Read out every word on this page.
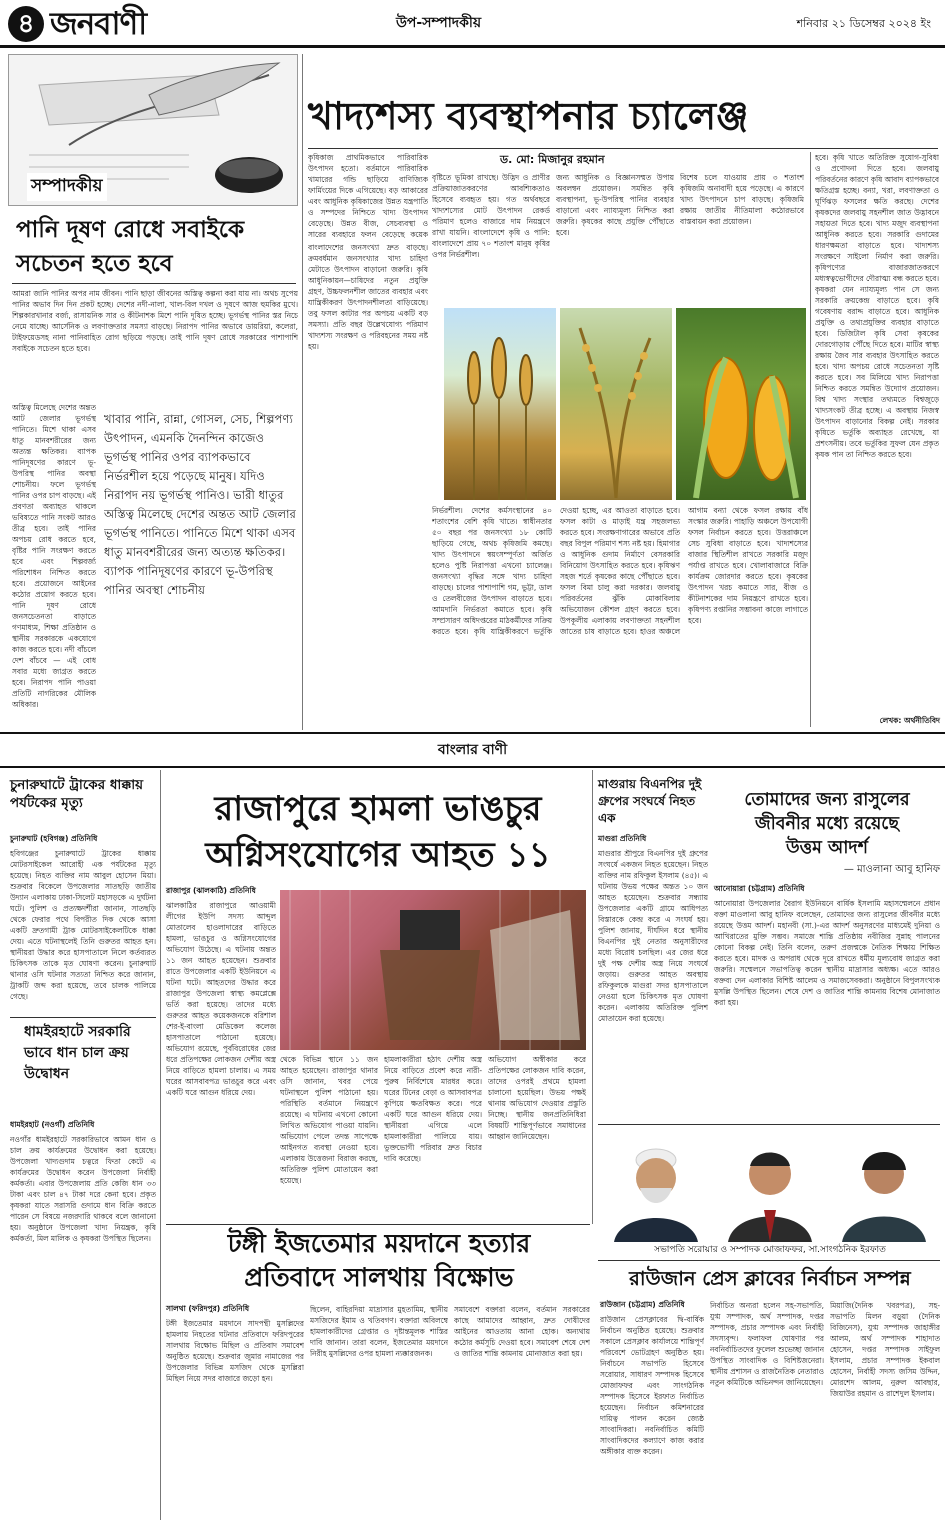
৪ জনবাণী	উপ-সম্পাদকীয়	শনিবার ২১ ডিসেম্বর ২০২৪ ইং
সম্পাদকীয়
পানি দূষণ রোধে সবাইকে
সচেতন হতে হবে
আমরা জানি পানির অপর নাম জীবন। পানি ছাড়া জীবনের অস্তিত্ব কল্পনা করা যায় না। অথচ সুপেয় পানির অভাব দিন দিন প্রকট হচ্ছে। দেশের নদী-নালা, খাল-বিল দখল ও দূষণে আজ হুমকির মুখে। শিল্পকারখানার বর্জ্য, রাসায়নিক সার ও কীটনাশক মিশে পানি দূষিত হচ্ছে। ভূগর্ভস্থ পানির স্তর নিচে নেমে যাচ্ছে। আর্সেনিক ও লবণাক্ততার সমস্যা বাড়ছে। নিরাপদ পানির অভাবে ডায়রিয়া, কলেরা, টাইফয়েডসহ নানা পানিবাহিত রোগ ছড়িয়ে পড়ছে। তাই পানি দূষণ রোধে সরকারের পাশাপাশি সবাইকে সচেতন হতে হবে।
অস্তিত্ব মিলেছে দেশের অন্তত আট জেলার ভূগর্ভস্থ পানিতে। মিশে থাকা এসব ধাতু মানবশরীরের জন্য অত্যন্ত ক্ষতিকর। ব্যাপক পানিদূষণের কারণে ভূ-উপরিস্থ পানির অবস্থা শোচনীয়। ফলে ভূগর্ভস্থ পানির ওপর চাপ বাড়ছে। এই প্রবণতা অব্যাহত থাকলে ভবিষ্যতে পানি সংকট আরও তীব্র হবে। তাই পানির অপচয় রোধ করতে হবে, বৃষ্টির পানি সংরক্ষণ করতে হবে এবং শিল্পবর্জ্য পরিশোধন নিশ্চিত করতে হবে। প্রয়োজনে আইনের কঠোর প্রয়োগ করতে হবে। পানি দূষণ রোধে জনসচেতনতা বাড়াতে গণমাধ্যম, শিক্ষা প্রতিষ্ঠান ও স্থানীয় সরকারকে একযোগে কাজ করতে হবে। নদী বাঁচলে দেশ বাঁচবে — এই বোধ সবার মধ্যে জাগ্রত করতে হবে। নিরাপদ পানি পাওয়া প্রতিটি নাগরিকের মৌলিক অধিকার।
খাবার পানি, রান্না, গোসল, সেচ, শিল্পপণ্য উৎপাদন, এমনকি দৈনন্দিন কাজেও ভূগর্ভস্থ পানির ওপর ব্যাপকভাবে নির্ভরশীল হয়ে পড়েছে মানুষ। যদিও নিরাপদ নয় ভূগর্ভস্থ পানিও। ভারী ধাতুর অস্তিত্ব মিলেছে দেশের অন্তত আট জেলার ভূগর্ভস্থ পানিতে। পানিতে মিশে থাকা এসব ধাতু মানবশরীরের জন্য অত্যন্ত ক্ষতিকর। ব্যাপক পানিদূষণের কারণে ভূ-উপরিস্থ পানির অবস্থা শোচনীয়
খাদ্যশস্য ব্যবস্থাপনার চ্যালেঞ্জ
কৃষিকাজ প্রাথমিকভাবে পারিবারিক উৎপাদন হতো। বর্তমানে পারিবারিক খামারের গন্ডি ছাড়িয়ে বাণিজ্যিক ফার্মিংয়ের দিকে এগিয়েছে। বড় আকারের এবং আধুনিক কৃষিকাজের উন্নত যন্ত্রপাতি ও সম্পদের নিশ্চিতে খাদ্য উৎপাদন বেড়েছে। উন্নত বীজ, সেচব্যবস্থা ও সারের ব্যবহারে ফলন বেড়েছে কয়েক
ড. মো: মিজানুর রহমান
বাংলাদেশের জনসংখ্যা দ্রুত বাড়ছে। ক্রমবর্ধমান জনসংখ্যার খাদ্য চাহিদা মেটাতে উৎপাদন বাড়ানো জরুরি। কৃষি আধুনিকায়ন—চাষিদের নতুন প্রযুক্তি গ্রহণ, উচ্চফলনশীল জাতের ব্যবহার এবং যান্ত্রিকীকরণ উৎপাদনশীলতা বাড়িয়েছে। তবু ফসল কাটার পর অপচয় একটি বড় সমস্যা। প্রতি বছর উল্লেখযোগ্য পরিমাণ খাদ্যশস্য সংরক্ষণ ও পরিবহনের সময় নষ্ট হয়।
বৃষ্টিতে ভূমিকা রাখছে। উদ্ভিদ ও প্রাণীর প্রক্রিয়াজাতকরণের আবশ্যিকতাও হিসেবে ব্যবহৃত হয়। গত অর্থবছরে খাদ্যশস্যের মোট উৎপাদন রেকর্ড পরিমাণ হলেও বাজারে দাম নিয়ন্ত্রণে রাখা যায়নি। বাংলাদেশে কৃষি ও পানি: বাংলাদেশে প্রায় ৭০ শতাংশ মানুষ কৃষির ওপর নির্ভরশীল।
জন্য আধুনিক ও বিজ্ঞানসম্মত উপায় অবলম্বন প্রয়োজন। সমন্বিত কৃষি ব্যবস্থাপনা, ভূ-উপরিস্থ পানির ব্যবহার বাড়ানো এবং ন্যায্যমূল্য নিশ্চিত করা জরুরি। কৃষকের কাছে প্রযুক্তি পৌঁছাতে হবে।
বিশেষ চলে যাওয়ায় প্রায় ৩ শতাংশ কৃষিজমি অনাবাদী হয়ে পড়েছে। এ কারণে খাদ্য উৎপাদনে চাপ বাড়ছে। কৃষিজমি রক্ষায় জাতীয় নীতিমালা কঠোরভাবে বাস্তবায়ন করা প্রয়োজন।
হবে। কৃষি খাতে অতিরিক্ত সুযোগ-সুবিধা ও প্রণোদনা দিতে হবে। জলবায়ু পরিবর্তনের কারণে কৃষি আবাদ ব্যাপকভাবে ক্ষতিগ্রস্ত হচ্ছে। বন্যা, খরা, লবণাক্ততা ও ঘূর্ণিঝড় ফসলের ক্ষতি করছে। দেশের কৃষকদের জলবায়ু সহনশীল জাত উদ্ভাবনে সহায়তা দিতে হবে। খাদ্য মজুদ ব্যবস্থাপনা আধুনিক করতে হবে। সরকারি গুদামের ধারণক্ষমতা বাড়াতে হবে। খাদ্যশস্য সংরক্ষণে সাইলো নির্মাণ করা জরুরি। কৃষিপণ্যের বাজারজাতকরণে মধ্যস্বত্বভোগীদের দৌরাত্ম্য বন্ধ করতে হবে। কৃষকরা যেন ন্যায্যমূল্য পান সে জন্য সরকারি ক্রয়কেন্দ্র বাড়াতে হবে। কৃষি গবেষণায় বরাদ্দ বাড়াতে হবে। আধুনিক প্রযুক্তি ও তথ্যপ্রযুক্তির ব্যবহার বাড়াতে হবে। ডিজিটাল কৃষি সেবা কৃষকের দোরগোড়ায় পৌঁছে দিতে হবে। মাটির স্বাস্থ্য রক্ষায় জৈব সার ব্যবহার উৎসাহিত করতে হবে। খাদ্য অপচয় রোধে সচেতনতা সৃষ্টি করতে হবে। সব মিলিয়ে খাদ্য নিরাপত্তা নিশ্চিত করতে সমন্বিত উদ্যোগ প্রয়োজন। বিশ্ব খাদ্য সংস্থার তথ্যমতে বিশ্বজুড়ে খাদ্যসংকট তীব্র হচ্ছে। এ অবস্থায় নিজস্ব উৎপাদন বাড়ানোর বিকল্প নেই। সরকার কৃষিতে ভর্তুকি অব্যাহত রেখেছে, যা প্রশংসনীয়। তবে ভর্তুকির সুফল যেন প্রকৃত কৃষক পান তা নিশ্চিত করতে হবে।
নির্ভরশীল। দেশের কর্মসংস্থানের ৪০ শতাংশের বেশি কৃষি খাতে। স্বাধীনতার ৫০ বছর পর জনসংখ্যা ১৮ কোটি ছাড়িয়ে গেছে, অথচ কৃষিজমি কমছে। খাদ্য উৎপাদনে স্বয়ংসম্পূর্ণতা অর্জিত হলেও পুষ্টি নিরাপত্তা এখনো চ্যালেঞ্জ। জনসংখ্যা বৃদ্ধির সঙ্গে খাদ্য চাহিদা বাড়ছে। চালের পাশাপাশি গম, ভুট্টা, ডাল ও তেলবীজের উৎপাদন বাড়াতে হবে। আমদানি নির্ভরতা কমাতে হবে। কৃষি সম্প্রসারণ অধিদপ্তরের মাঠকর্মীদের সক্রিয় করতে হবে। কৃষি যান্ত্রিকীকরণে ভর্তুকি দেওয়া হচ্ছে, এর আওতা বাড়াতে হবে। ফসল কাটা ও মাড়াই যন্ত্র সহজলভ্য করতে হবে। সংরক্ষণাগারের অভাবে প্রতি বছর বিপুল পরিমাণ শস্য নষ্ট হয়। হিমাগার ও আধুনিক গুদাম নির্মাণে বেসরকারি বিনিয়োগ উৎসাহিত করতে হবে। কৃষিঋণ সহজ শর্তে কৃষকের কাছে পৌঁছাতে হবে। ফসল বিমা চালু করা দরকার। জলবায়ু পরিবর্তনের ঝুঁকি মোকাবিলায় অভিযোজন কৌশল গ্রহণ করতে হবে। উপকূলীয় এলাকায় লবণাক্ততা সহনশীল জাতের চাষ বাড়াতে হবে। হাওর অঞ্চলে আগাম বন্যা থেকে ফসল রক্ষায় বাঁধ সংস্কার জরুরি। পাহাড়ি অঞ্চলে উপযোগী ফসল নির্বাচন করতে হবে। উত্তরাঞ্চলে সেচ সুবিধা বাড়াতে হবে। খাদ্যশস্যের বাজার স্থিতিশীল রাখতে সরকারি মজুদ পর্যাপ্ত রাখতে হবে। খোলাবাজারে বিক্রি কার্যক্রম জোরদার করতে হবে। কৃষকের উৎপাদন খরচ কমাতে সার, বীজ ও কীটনাশকের দাম নিয়ন্ত্রণে রাখতে হবে। কৃষিপণ্য রপ্তানির সম্ভাবনা কাজে লাগাতে হবে।
লেখক: অর্থনীতিবিদ
বাংলার বাণী
চুনারুঘাটে ট্রাকের ধাক্কায় পর্যটকের মৃত্যু
চুনারুঘাট (হবিগঞ্জ) প্রতিনিধি
হবিগঞ্জের চুনারুঘাটে ট্রাকের ধাক্কায় মোটরসাইকেল আরোহী এক পর্যটকের মৃত্যু হয়েছে। নিহত ব্যক্তির নাম আবুল হোসেন মিয়া। শুক্রবার বিকেলে উপজেলার সাতছড়ি জাতীয় উদ্যান এলাকায় ঢাকা-সিলেট মহাসড়কে এ দুর্ঘটনা ঘটে। পুলিশ ও প্রত্যক্ষদর্শীরা জানান, সাতছড়ি থেকে ফেরার পথে বিপরীত দিক থেকে আসা একটি দ্রুতগামী ট্রাক মোটরসাইকেলটিকে ধাক্কা দেয়। এতে ঘটনাস্থলেই তিনি গুরুতর আহত হন। স্থানীয়রা উদ্ধার করে হাসপাতালে নিলে কর্তব্যরত চিকিৎসক তাকে মৃত ঘোষণা করেন। চুনারুঘাট থানার ওসি ঘটনার সত্যতা নিশ্চিত করে জানান, ট্রাকটি জব্দ করা হয়েছে, তবে চালক পালিয়ে গেছে।
ধামইরহাটে সরকারি ভাবে ধান চাল ক্রয় উদ্বোধন
ধামইরহাট (নওগাঁ) প্রতিনিধি
নওগাঁর ধামইরহাটে সরকারিভাবে আমন ধান ও চাল ক্রয় কার্যক্রমের উদ্বোধন করা হয়েছে। উপজেলা খাদ্যগুদাম চত্বরে ফিতা কেটে এ কার্যক্রমের উদ্বোধন করেন উপজেলা নির্বাহী কর্মকর্তা। এবার উপজেলায় প্রতি কেজি ধান ৩৩ টাকা এবং চাল ৪৭ টাকা দরে কেনা হবে। প্রকৃত কৃষকরা যাতে সরাসরি গুদামে ধান বিক্রি করতে পারেন সে বিষয়ে নজরদারি থাকবে বলে জানানো হয়। অনুষ্ঠানে উপজেলা খাদ্য নিয়ন্ত্রক, কৃষি কর্মকর্তা, মিল মালিক ও কৃষকরা উপস্থিত ছিলেন।
রাজাপুরে হামলা ভাঙচুর
অগ্নিসংযোগের আহত ১১
রাজাপুর (ঝালকাঠি) প্রতিনিধি
ঝালকাঠির রাজাপুরে আওয়ামী লীগের ইউপি সদস্য আব্দুল মোতালেব হাওলাদারের বাড়িতে হামলা, ভাঙচুর ও অগ্নিসংযোগের অভিযোগ উঠেছে। এ ঘটনায় অন্তত ১১ জন আহত হয়েছেন। শুক্রবার রাতে উপজেলার একটি ইউনিয়নে এ ঘটনা ঘটে। আহতদের উদ্ধার করে রাজাপুর উপজেলা স্বাস্থ্য কমপ্লেক্সে ভর্তি করা হয়েছে। তাদের মধ্যে গুরুতর আহত কয়েকজনকে বরিশাল শের-ই-বাংলা মেডিকেল কলেজ হাসপাতালে পাঠানো হয়েছে। অভিযোগ রয়েছে, পূর্ববিরোধের জের ধরে প্রতিপক্ষের লোকজন দেশীয় অস্ত্র নিয়ে বাড়িতে হামলা চালায়। এ সময় ঘরের আসবাবপত্র ভাঙচুর করে এবং একটি ঘরে আগুন ধরিয়ে দেয়।
থেকে বিভিন্ন স্থানে ১১ জন আহত হয়েছেন। রাজাপুর থানার ওসি জানান, খবর পেয়ে ঘটনাস্থলে পুলিশ পাঠানো হয়। পরিস্থিতি বর্তমানে নিয়ন্ত্রণে রয়েছে। এ ঘটনায় এখনো কোনো লিখিত অভিযোগ পাওয়া যায়নি। অভিযোগ পেলে তদন্ত সাপেক্ষে আইনগত ব্যবস্থা নেওয়া হবে। এলাকায় উত্তেজনা বিরাজ করছে, অতিরিক্ত পুলিশ মোতায়েন করা হয়েছে।
হামলাকারীরা হঠাৎ দেশীয় অস্ত্র নিয়ে বাড়িতে প্রবেশ করে নারী-পুরুষ নির্বিশেষে মারধর করে। ঘরের টিনের বেড়া ও আসবাবপত্র কুপিয়ে ক্ষতবিক্ষত করে। পরে একটি ঘরে আগুন ধরিয়ে দেয়। স্থানীয়রা এগিয়ে এলে হামলাকারীরা পালিয়ে যায়। ভুক্তভোগী পরিবার দ্রুত বিচার দাবি করেছে।
অভিযোগ অস্বীকার করে প্রতিপক্ষের লোকজন দাবি করেন, তাদের ওপরই প্রথমে হামলা চালানো হয়েছিল। উভয় পক্ষই থানায় অভিযোগ দেওয়ার প্রস্তুতি নিচ্ছে। স্থানীয় জনপ্রতিনিধিরা বিষয়টি শান্তিপূর্ণভাবে সমাধানের আহ্বান জানিয়েছেন।
মাগুরায় বিএনপির দুই গ্রুপের সংঘর্ষে নিহত এক
মাগুরা প্রতিনিধি
মাগুরার শ্রীপুরে বিএনপির দুই গ্রুপের সংঘর্ষে একজন নিহত হয়েছেন। নিহত ব্যক্তির নাম রফিকুল ইসলাম (৪৫)। এ ঘটনায় উভয় পক্ষের অন্তত ১০ জন আহত হয়েছেন। শুক্রবার সন্ধ্যায় উপজেলার একটি গ্রামে আধিপত্য বিস্তারকে কেন্দ্র করে এ সংঘর্ষ হয়। পুলিশ জানায়, দীর্ঘদিন ধরে স্থানীয় বিএনপির দুই নেতার অনুসারীদের মধ্যে বিরোধ চলছিল। এর জের ধরে দুই পক্ষ দেশীয় অস্ত্র নিয়ে সংঘর্ষে জড়ায়। গুরুতর আহত অবস্থায় রফিকুলকে মাগুরা সদর হাসপাতালে নেওয়া হলে চিকিৎসক মৃত ঘোষণা করেন। এলাকায় অতিরিক্ত পুলিশ মোতায়েন করা হয়েছে।
তোমাদের জন্য রাসুলের
জীবনীর মধ্যে রয়েছে
উত্তম আদর্শ
— মাওলানা আবু হানিফ
আনোয়ারা (চট্টগ্রাম) প্রতিনিধি
আনোয়ারা উপজেলার বৈরাগ ইউনিয়নে বার্ষিক ইসলামি মহাসম্মেলনে প্রধান বক্তা মাওলানা আবু হানিফ বলেছেন, তোমাদের জন্য রাসুলের জীবনীর মধ্যে রয়েছে উত্তম আদর্শ। মহানবী (সা.)-এর আদর্শ অনুসরণের মাধ্যমেই দুনিয়া ও আখিরাতের মুক্তি সম্ভব। সমাজে শান্তি প্রতিষ্ঠায় নবীজির সুন্নাহ পালনের কোনো বিকল্প নেই। তিনি বলেন, তরুণ প্রজন্মকে নৈতিক শিক্ষায় শিক্ষিত করতে হবে। মাদক ও অপরাধ থেকে দূরে রাখতে ধর্মীয় মূল্যবোধ জাগ্রত করা জরুরি। সম্মেলনে সভাপতিত্ব করেন স্থানীয় মাদ্রাসার অধ্যক্ষ। এতে আরও বক্তব্য দেন এলাকার বিশিষ্ট আলেম ও সমাজসেবকরা। অনুষ্ঠানে বিপুলসংখ্যক মুসল্লি উপস্থিত ছিলেন। শেষে দেশ ও জাতির শান্তি কামনায় বিশেষ মোনাজাত করা হয়।
সভাপতি সরোয়ার ও সম্পাদক মোজাফফর, সা.সাংগঠনিক ইরফাত
রাউজান প্রেস ক্লাবের নির্বাচন সম্পন্ন
রাউজান (চট্টগ্রাম) প্রতিনিধি
রাউজান প্রেসক্লাবের দ্বি-বার্ষিক নির্বাচন অনুষ্ঠিত হয়েছে। শুক্রবার সকালে প্রেসক্লাব কার্যালয়ে শান্তিপূর্ণ পরিবেশে ভোটগ্রহণ অনুষ্ঠিত হয়। নির্বাচনে সভাপতি হিসেবে সরোয়ার, সাধারণ সম্পাদক হিসেবে মোজাফফর এবং সাংগঠনিক সম্পাদক হিসেবে ইরফাত নির্বাচিত হয়েছেন। নির্বাচন কমিশনারের দায়িত্ব পালন করেন জ্যেষ্ঠ সাংবাদিকরা। নবনির্বাচিত কমিটি সাংবাদিকদের কল্যাণে কাজ করার অঙ্গীকার ব্যক্ত করেন।
নির্বাচিত অন্যরা হলেন সহ-সভাপতি, যুগ্ম সম্পাদক, অর্থ সম্পাদক, দপ্তর সম্পাদক, প্রচার সম্পাদক এবং নির্বাহী সদস্যবৃন্দ। ফলাফল ঘোষণার পর নবনির্বাচিতদের ফুলেল শুভেচ্ছা জানান উপস্থিত সাংবাদিক ও বিশিষ্টজনেরা। স্থানীয় প্রশাসন ও রাজনৈতিক নেতারাও নতুন কমিটিকে অভিনন্দন জানিয়েছেন।
মিয়াজি(দৈনিক খবরপত্র), সহ-সভাপতি মিলন বড়ুয়া (দৈনিক বিজিনেস), যুগ্ম সম্পাদক জাহাঙ্গীর আলম, অর্থ সম্পাদক শাহাদাত হোসেন, দপ্তর সম্পাদক সাইফুল ইসলাম, প্রচার সম্পাদক ইকবাল হোসেন, নির্বাহী সদস্য জসিম উদ্দিন, মোরশেদ আলম, নুরুল আবছার, জিয়াউর রহমান ও রাশেদুল ইসলাম।
টঙ্গী ইজতেমার ময়দানে হত্যার
প্রতিবাদে সালথায় বিক্ষোভ
সালথা (ফরিদপুর) প্রতিনিধি
টঙ্গী ইজতেমার ময়দানে সাদপন্থী মুসল্লিদের হামলায় নিহতের ঘটনার প্রতিবাদে ফরিদপুরের সালথায় বিক্ষোভ মিছিল ও প্রতিবাদ সমাবেশ অনুষ্ঠিত হয়েছে। শুক্রবার জুমার নামাজের পর উপজেলার বিভিন্ন মসজিদ থেকে মুসল্লিরা মিছিল নিয়ে সদর বাজারে জড়ো হন।
ছিলেন, বাহিরদিয়া মাদ্রাসার মুহতামিম, স্থানীয় মসজিদের ইমাম ও খতিবগণ। বক্তারা অবিলম্বে হামলাকারীদের গ্রেপ্তার ও দৃষ্টান্তমূলক শাস্তির দাবি জানান। তারা বলেন, ইজতেমার ময়দানে নিরীহ মুসল্লিদের ওপর হামলা ন্যক্কারজনক।
সমাবেশে বক্তারা বলেন, বর্তমান সরকারের কাছে আমাদের আহ্বান, দ্রুত দোষীদের আইনের আওতায় আনা হোক। অন্যথায় কঠোর কর্মসূচি দেওয়া হবে। সমাবেশ শেষে দেশ ও জাতির শান্তি কামনায় মোনাজাত করা হয়।
